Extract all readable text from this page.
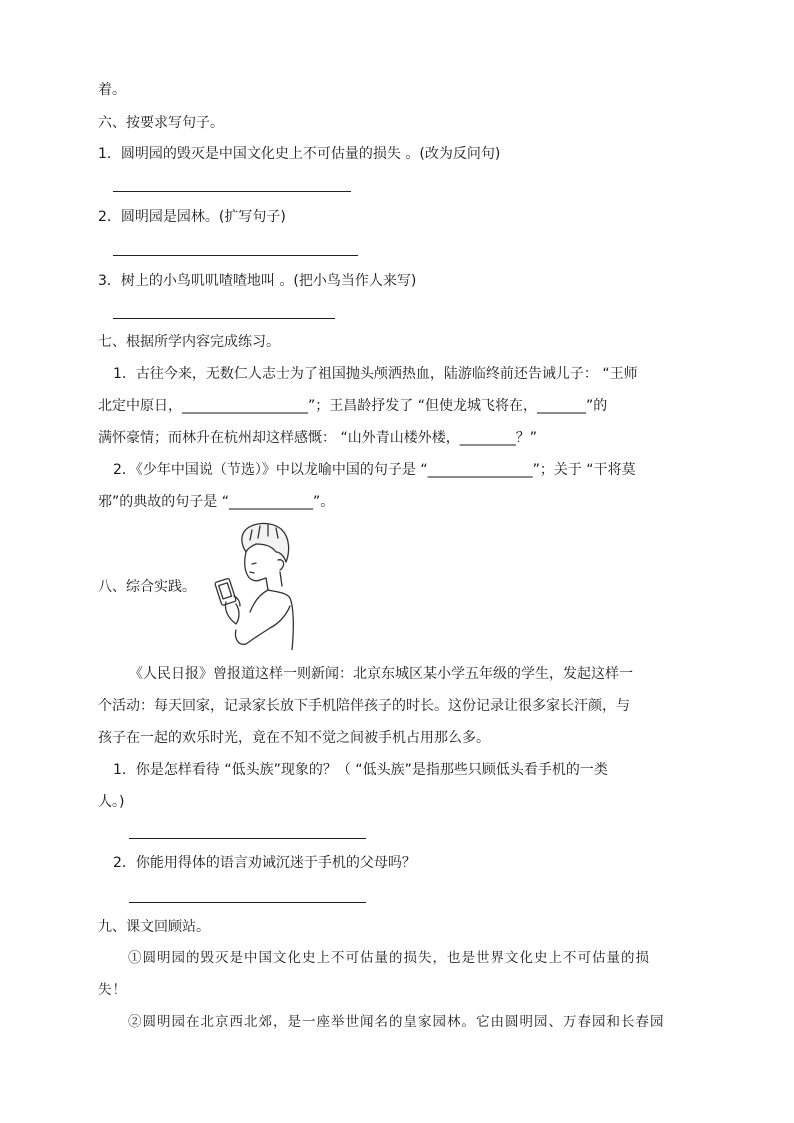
着。
六、按要求写句子。
1．圆明园的毁灭是中国文化史上不可估量的损失 。(改为反问句)
2．圆明园是园林。(扩写句子)
3．树上的小鸟叽叽喳喳地叫 。(把小鸟当作人来写)
七、根据所学内容完成练习。
1．古往今来，无数仁人志士为了祖国抛头颅洒热血，陆游临终前还告诫儿子： “王师
北定中原日，__________________”；王昌龄抒发了 “但使龙城飞将在，_______”的
满怀豪情；而林升在杭州却这样感慨： “山外青山楼外楼，________？”
2．《少年中国说（节选）》中以龙喻中国的句子是 “_______________”；关于 “干将莫
邪”的典故的句子是 “____________”。
八、综合实践。
《人民日报》曾报道这样一则新闻：北京东城区某小学五年级的学生，发起这样一
个活动：每天回家，记录家长放下手机陪伴孩子的时长。这份记录让很多家长汗颜，与
孩子在一起的欢乐时光，竟在不知不觉之间被手机占用那么多。
1．你是怎样看待 “低头族”现象的？（ “低头族”是指那些只顾低头看手机的一类
人。)
2．你能用得体的语言劝诫沉迷于手机的父母吗？
九、课文回顾站。
①圆明园的毁灭是中国文化史上不可估量的损失，也是世界文化史上不可估量的损
失！
②圆明园在北京西北郊，是一座举世闻名的皇家园林。它由圆明园、万春园和长春园
